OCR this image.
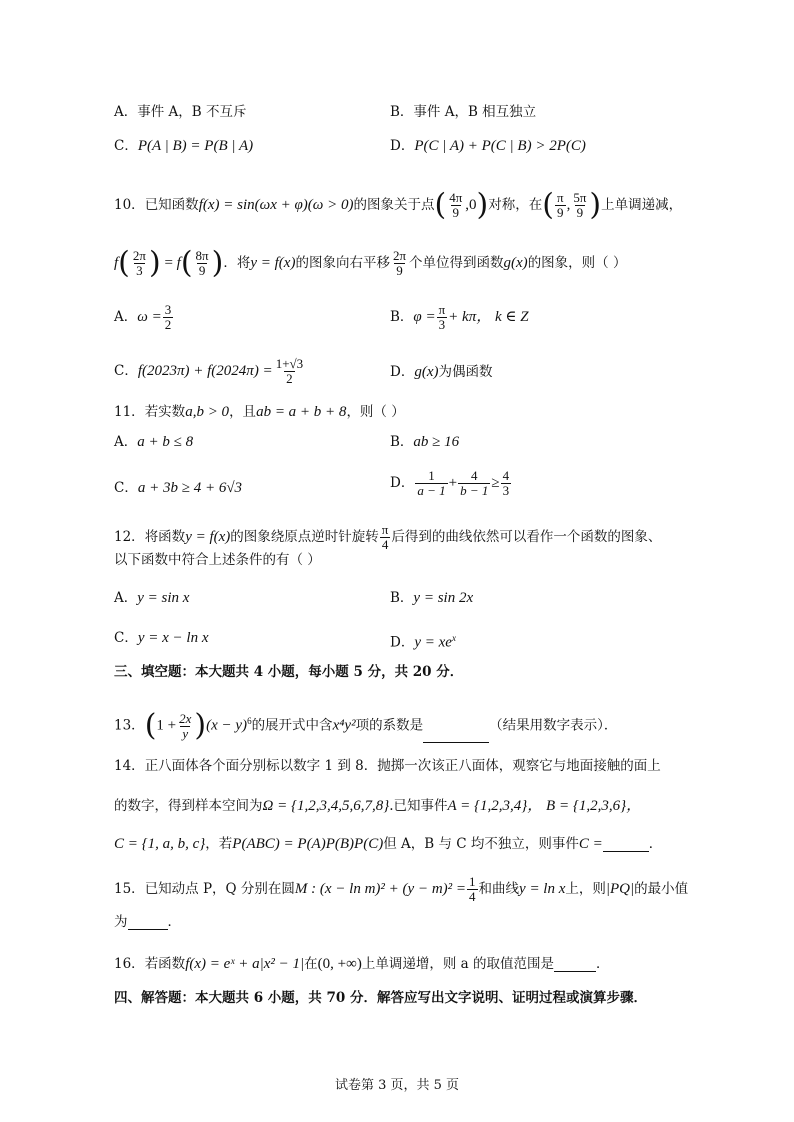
A．事件 A，B 不互斥	B．事件 A，B 相互独立
C．P(A | B) = P(B | A)	D．P(C | A) + P(C | B) > 2P(C)
10．已知函数f(x) = sin(ωx + φ)(ω > 0)的图象关于点( $\frac{4\pi}{9} ,0$)对称，在( $\frac{\pi}{9}$ , $\frac{5\pi}{9}$ )上单调递减，
$f( \frac{2\pi}{3}$ ) = $f( \frac{8\pi}{9}$ )．将y = f(x)的图象向右平移 $\frac{2\pi}{9}$ 个单位得到函数g(x)的图象，则（ ）
A．$\omega = \frac{3}{2}$	B．$\varphi = \frac{\pi}{3} + k\pi$， k ∈ Z
C．$f(2023\pi) + f(2024\pi) = \frac{1+√3}{2}$	D．g(x)为偶函数
11．若实数a,b > 0，且ab = a + b + 8，则（ ）
A．a + b ≤ 8	B．ab ≥ 16
C．a + 3b ≥ 4 + 6√3	D． $\frac{1}{a - 1} + \frac{4}{b - 1} \ge \frac{4}{3}$
12．将函数y = f(x)的图象绕原点逆时针旋转 $\frac{\pi}{4}$ 后得到的曲线依然可以看作一个函数的图象、
以下函数中符合上述条件的有（ ）
A．y = sin x	B．y = sin 2x
C．y = x − ln x	D．$y = xe^x$
三、填空题：本大题共 4 小题，每小题 5 分，共 20 分．
13．$(1 + \frac{2x}{y} )(x - y)^6$的展开式中含x⁴y²项的系数是	（结果用数字表示）．
14．正八面体各个面分别标以数字 1 到 8．抛掷一次该正八面体，观察它与地面接触的面上
的数字，得到样本空间为Ω = {1,2,3,4,5,6,7,8}.已知事件A = {1,2,3,4}， B = {1,2,3,6}，
C = {1, a, b, c}，若P(ABC) = P(A)P(B)P(C)但 A，B 与 C 均不独立，则事件C =	．
15．已知动点 P，Q 分别在圆M : $(x - \ln m)^2 + (y - m)^2 = \frac{1}{4}$ 和曲线y = ln x上，则|PQ|的最小值
为	．
16．若函数f(x) = eˣ + a|x² − 1|在(0, +∞)上单调递增，则 a 的取值范围是	．
四、解答题：本大题共 6 小题，共 70 分．解答应写出文字说明、证明过程或演算步骤．
试卷第 3 页，共 5 页
